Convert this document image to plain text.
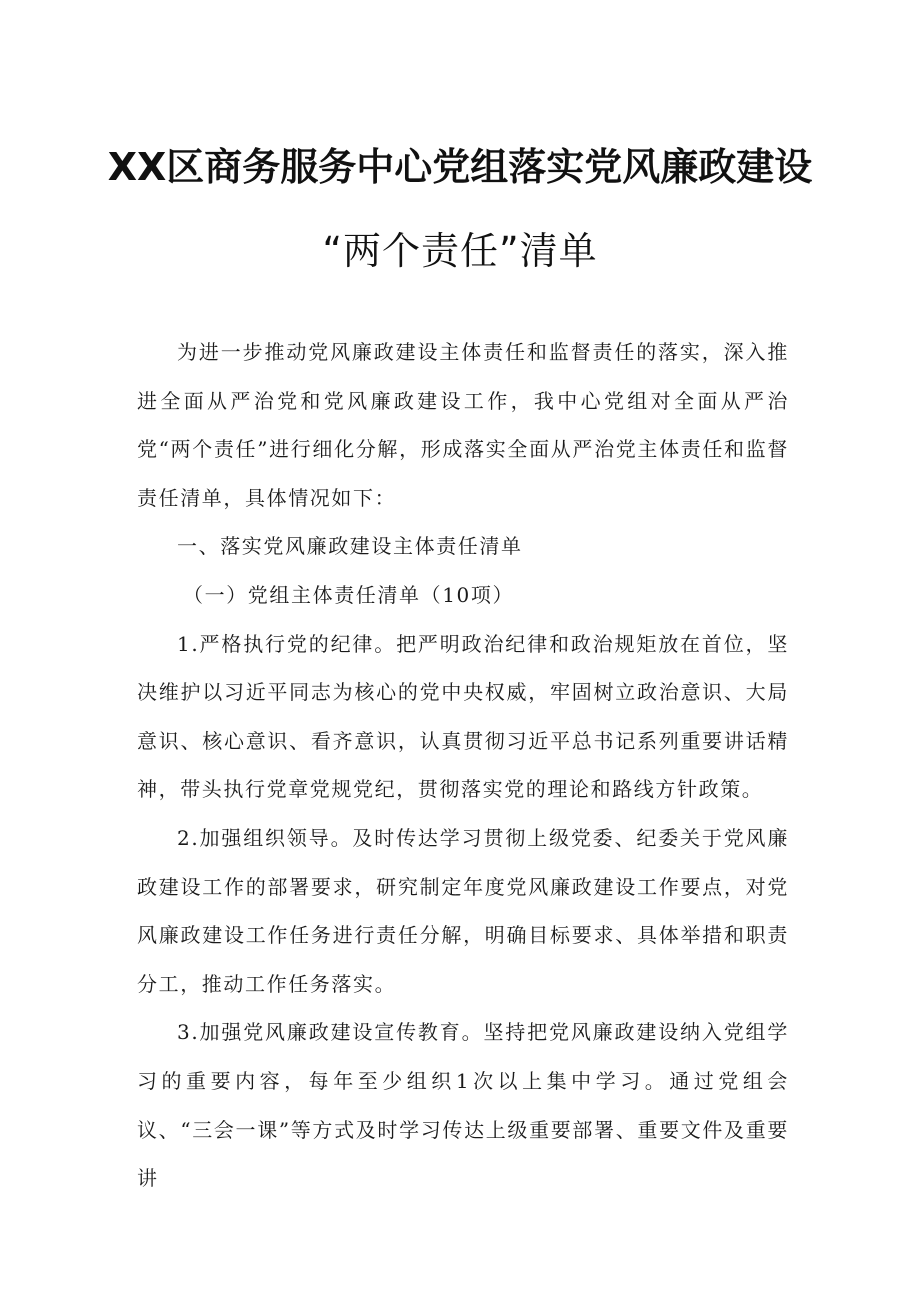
XX区商务服务中心党组落实党风廉政建设
“两个责任”清单

为进一步推动党风廉政建设主体责任和监督责任的落实，深入推进全面从严治党和党风廉政建设工作，我中心党组对全面从严治党“两个责任”进行细化分解，形成落实全面从严治党主体责任和监督责任清单，具体情况如下：

一、落实党风廉政建设主体责任清单

（一）党组主体责任清单（10项）

1.严格执行党的纪律。把严明政治纪律和政治规矩放在首位，坚决维护以习近平同志为核心的党中央权威，牢固树立政治意识、大局意识、核心意识、看齐意识，认真贯彻习近平总书记系列重要讲话精神，带头执行党章党规党纪，贯彻落实党的理论和路线方针政策。

2.加强组织领导。及时传达学习贯彻上级党委、纪委关于党风廉政建设工作的部署要求，研究制定年度党风廉政建设工作要点，对党风廉政建设工作任务进行责任分解，明确目标要求、具体举措和职责分工，推动工作任务落实。

3.加强党风廉政建设宣传教育。坚持把党风廉政建设纳入党组学习的重要内容，每年至少组织1次以上集中学习。通过党组会议、“三会一课”等方式及时学习传达上级重要部署、重要文件及重要讲
